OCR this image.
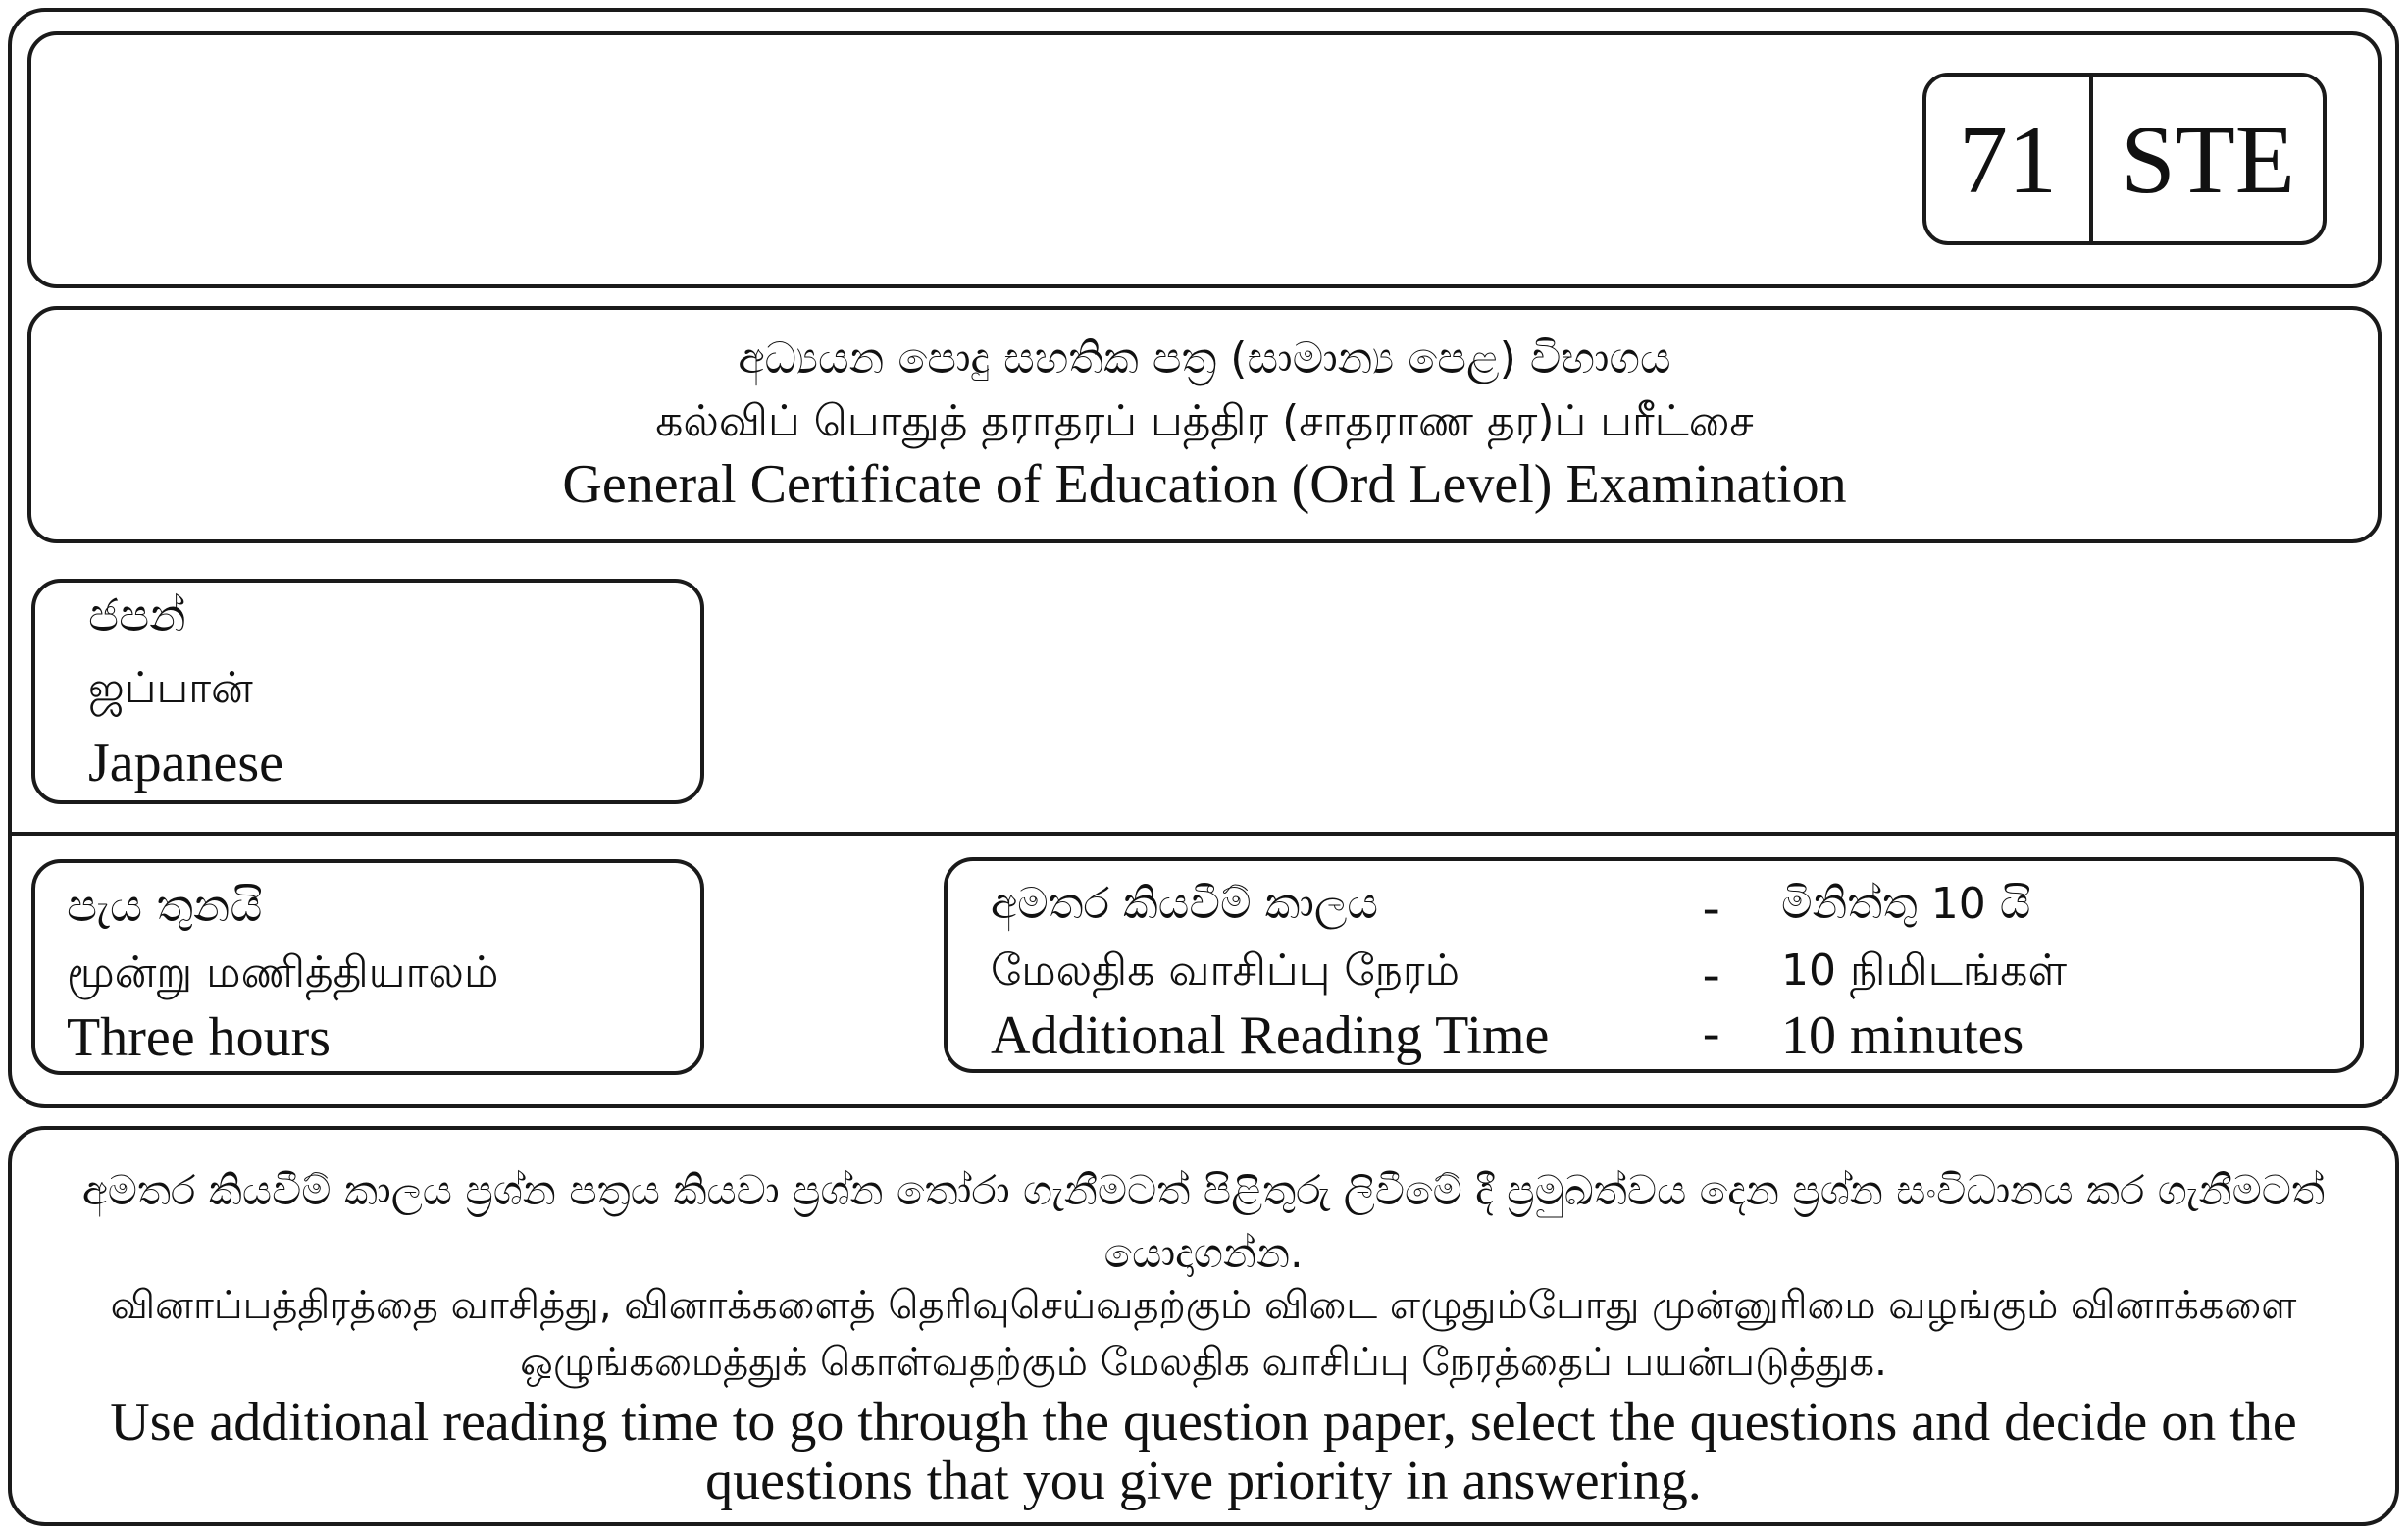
71 STE
අධ්‍යයන පොදු සහතික පත්‍ර (සාමාන්‍ය පෙළ) විභාගය
கல்விப் பொதுத் தராதரப் பத்திர (சாதராண தர)ப் பரீட்சை
General Certificate of Education (Ord Level) Examination
ජපන්
ஜப்பான்
Japanese
පැය තුනයි
மூன்று மணித்தியாலம்
Three hours
අමතර කියවීම් කාලය	- මිනිත්තු 10 යි
மேலதிக வாசிப்பு நேரம்	- 10 நிமிடங்கள்
Additional Reading Time	- 10 minutes
අමතර කියවීම් කාලය ප්‍රශ්න පත්‍රය කියවා ප්‍රශ්න තෝරා ගැනීමටත් පිළිතුරු ලිවීමේ දී ප්‍රමුඛත්වය දෙන ප්‍රශ්න සංවිධානය කර ගැනීමටත් යොදාගන්න.
வினாப்பத்திரத்தை வாசித்து, வினாக்களைத் தெரிவுசெய்வதற்கும் விடை எழுதும்போது முன்னுரிமை வழங்கும் வினாக்களை ஒழுங்கமைத்துக் கொள்வதற்கும் மேலதிக வாசிப்பு நேரத்தைப் பயன்படுத்துக.
Use additional reading time to go through the question paper, select the questions and decide on the questions that you give priority in answering.
